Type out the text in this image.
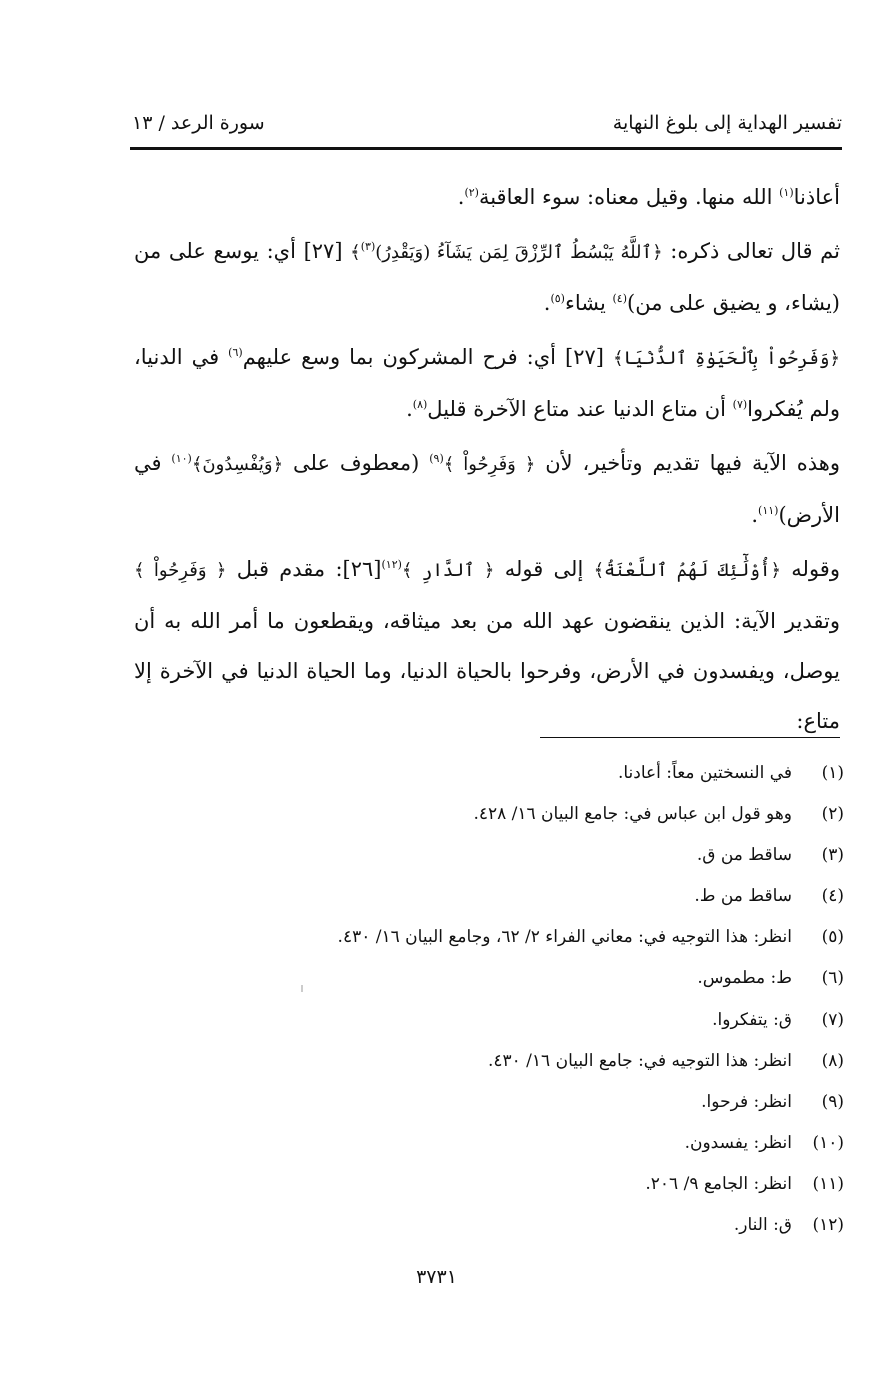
تفسير الهداية إلى بلوغ النهاية
سورة الرعد / ١٣

أعاذنا$^{(١)}$ الله منها. وقيل معناه: سوء العاقبة$^{(٢)}$.

ثم قال تعالى ذكره: ﴿ٱللَّهُ يَبْسُطُ ٱلرِّزْقَ لِمَن يَشَآءُ (وَيَقْدِرُ)$^{(٣)}$﴾ [٢٧] أي: يوسع على من (يشاء، و يضيق على من)$^{(٤)}$ يشاء$^{(٥)}$.

﴿وَفَرِحُواْ بِٱلْحَيَوٰةِ ٱلدُّنْيَا﴾ [٢٧] أي: فرح المشركون بما وسع عليهم$^{(٦)}$ في الدنيا، ولم يُفكروا$^{(٧)}$ أن متاع الدنيا عند متاع الآخرة قليل$^{(٨)}$.

وهذه الآية فيها تقديم وتأخير، لأن ﴿ وَفَرِحُواْ ﴾$^{(٩)}$ (معطوف على ﴿وَيُفْسِدُونَ﴾$^{(١٠)}$ في الأرض)$^{(١١)}$.

وقوله ﴿أُوْلَٰٓئِكَ لَهُمُ ٱللَّعْنَةُ﴾ إلى قوله ﴿ ٱلدَّارِ ﴾$^{(١٢)}$[٢٦]: مقدم قبل ﴿ وَفَرِحُواْ ﴾وتقدير الآية: الذين ينقضون عهد الله من بعد ميثاقه، ويقطعون ما أمر الله به أن يوصل، ويفسدون في الأرض، وفرحوا بالحياة الدنيا، وما الحياة الدنيا في الآخرة إلا متاع:

(١)في النسختين معاً: أعادنا.
(٢)وهو قول ابن عباس في: جامع البيان ١٦/ ٤٢٨.
(٣)ساقط من ق.
(٤)ساقط من ط.
(٥)انظر: هذا التوجيه في: معاني الفراء ٢/ ٦٢، وجامع البيان ١٦/ ٤٣٠.
(٦)ط: مطموس.
(٧)ق: يتفكروا.
(٨)انظر: هذا التوجيه في: جامع البيان ١٦/ ٤٣٠.
(٩)انظر: فرحوا.
(١٠)انظر: يفسدون.
(١١)انظر: الجامع ٩/ ٢٠٦.
(١٢)ق: النار.
٣٧٣١
